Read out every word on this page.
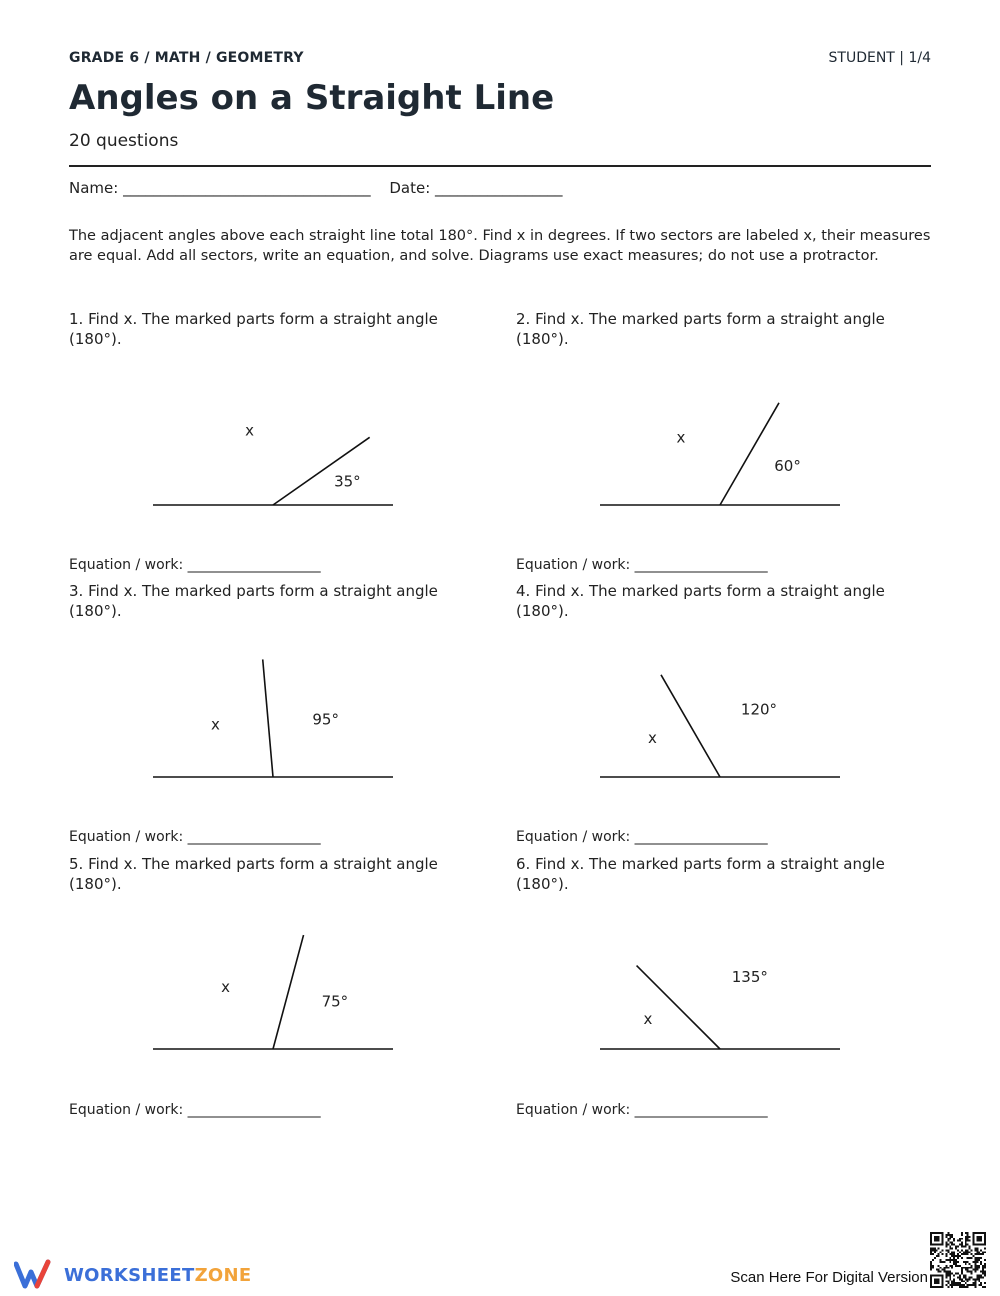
GRADE 6 / MATH / GEOMETRY	STUDENT | 1/4
Angles on a Straight Line
20 questions
Name: _________________________________ Date: _________________
The adjacent angles above each straight line total 180°. Find x in degrees. If two sectors are labeled x, their measures are equal. Add all sectors, write an equation, and solve. Diagrams use exact measures; do not use a protractor.
1. Find x. The marked parts form a straight angle (180°).
x
35°
Equation / work: ___________________
2. Find x. The marked parts form a straight angle (180°).
x
60°
Equation / work: ___________________
3. Find x. The marked parts form a straight angle (180°).
x	95°
Equation / work: ___________________
4. Find x. The marked parts form a straight angle (180°).
x
120°
Equation / work: ___________________
5. Find x. The marked parts form a straight angle (180°).
x
75°
Equation / work: ___________________
6. Find x. The marked parts form a straight angle (180°).
x
135°
Equation / work: ___________________
WORKSHEETZONE	Scan Here For Digital Version
